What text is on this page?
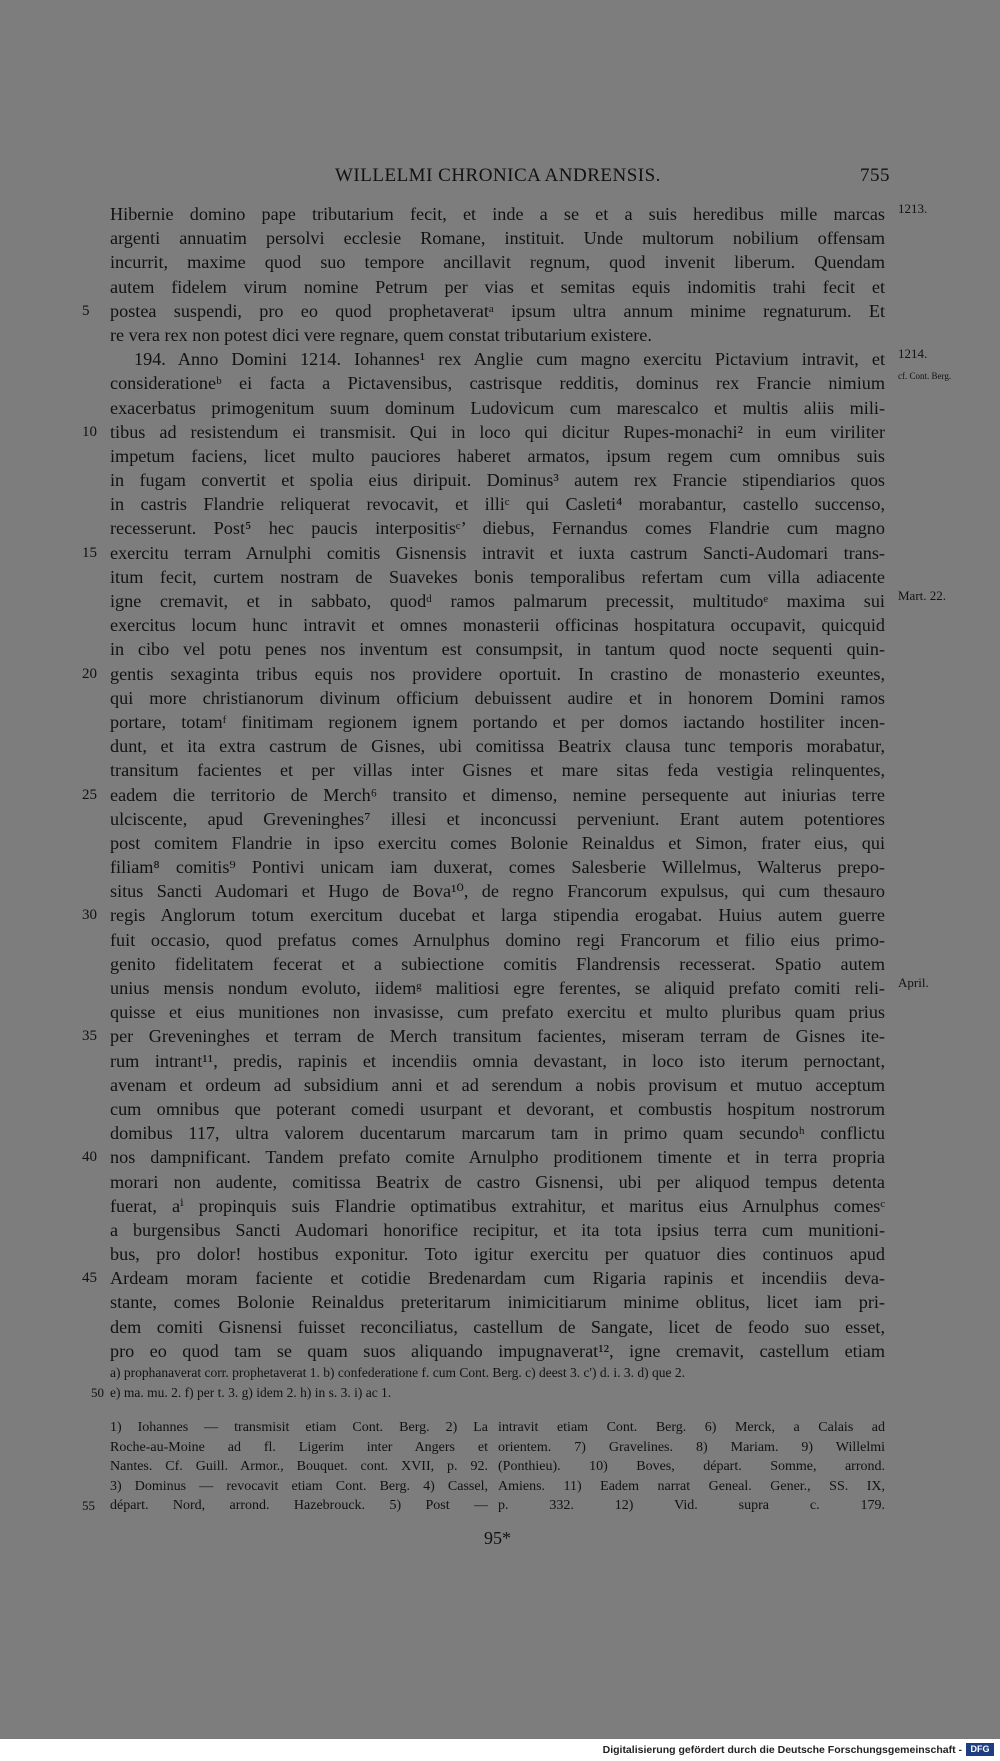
WILLELMI CHRONICA ANDRENSIS.	755
Hibernie domino pape tributarium fecit, et inde a se et a suis heredibus mille marcas 1213.
argenti annuatim persolvi ecclesie Romane, instituit. Unde multorum nobilium offensam
incurrit, maxime quod suo tempore ancillavit regnum, quod invenit liberum. Quendam
autem fidelem virum nomine Petrum per vias et semitas equis indomitis trahi fecit et
postea suspendi, pro eo quod prophetaveratᵃ ipsum ultra annum minime regnaturum. Et
5
re vera rex non potest dici vere regnare, quem constat tributarium existere.
194. Anno Domini 1214. Iohannes¹ rex Anglie cum magno exercitu Pictavium intravit, et 1214.
considerationeᵇ ei facta a Pictavensibus, castrisque redditis, dominus rex Francie nimium cf. Cont. Berg.
exacerbatus primogenitum suum dominum Ludovicum cum marescalco et multis aliis mili-
tibus ad resistendum ei transmisit. Qui in loco qui dicitur Rupes-monachi² in eum viriliter
10
impetum faciens, licet multo pauciores haberet armatos, ipsum regem cum omnibus suis
in fugam convertit et spolia eius diripuit. Dominus³ autem rex Francie stipendiarios quos
in castris Flandrie reliquerat revocavit, et illiᶜ qui Casleti⁴ morabantur, castello succenso,
recesserunt. Post⁵ hec paucis interpositisᶜ’ diebus, Fernandus comes Flandrie cum magno
exercitu terram Arnulphi comitis Gisnensis intravit et iuxta castrum Sancti-Audomari trans-
15
itum fecit, curtem nostram de Suavekes bonis temporalibus refertam cum villa adiacente
igne cremavit, et in sabbato, quodᵈ ramos palmarum precessit, multitudoᵉ maxima sui Mart. 22.
exercitus locum hunc intravit et omnes monasterii officinas hospitatura occupavit, quicquid
in cibo vel potu penes nos inventum est consumpsit, in tantum quod nocte sequenti quin-
gentis sexaginta tribus equis nos providere oportuit. In crastino de monasterio exeuntes,
20
qui more christianorum divinum officium debuissent audire et in honorem Domini ramos
portare, totamᶠ finitimam regionem ignem portando et per domos iactando hostiliter incen-
dunt, et ita extra castrum de Gisnes, ubi comitissa Beatrix clausa tunc temporis morabatur,
transitum facientes et per villas inter Gisnes et mare sitas feda vestigia relinquentes,
eadem die territorio de Merch⁶ transito et dimenso, nemine persequente aut iniurias terre
25
ulciscente, apud Greveninghes⁷ illesi et inconcussi perveniunt. Erant autem potentiores
post comitem Flandrie in ipso exercitu comes Bolonie Reinaldus et Simon, frater eius, qui
filiam⁸ comitis⁹ Pontivi unicam iam duxerat, comes Salesberie Willelmus, Walterus prepo-
situs Sancti Audomari et Hugo de Bova¹⁰, de regno Francorum expulsus, qui cum thesauro
regis Anglorum totum exercitum ducebat et larga stipendia erogabat. Huius autem guerre
30
fuit occasio, quod prefatus comes Arnulphus domino regi Francorum et filio eius primo-
genito fidelitatem fecerat et a subiectione comitis Flandrensis recesserat. Spatio autem
unius mensis nondum evoluto, iidemᵍ malitiosi egre ferentes, se aliquid prefato comiti reli- April.
quisse et eius munitiones non invasisse, cum prefato exercitu et multo pluribus quam prius
per Greveninghes et terram de Merch transitum facientes, miseram terram de Gisnes ite-
35
rum intrant¹¹, predis, rapinis et incendiis omnia devastant, in loco isto iterum pernoctant,
avenam et ordeum ad subsidium anni et ad serendum a nobis provisum et mutuo acceptum
cum omnibus que poterant comedi usurpant et devorant, et combustis hospitum nostrorum
domibus 117, ultra valorem ducentarum marcarum tam in primo quam secundoʰ conflictu
nos dampnificant. Tandem prefato comite Arnulpho proditionem timente et in terra propria
40
morari non audente, comitissa Beatrix de castro Gisnensi, ubi per aliquod tempus detenta
fuerat, aⁱ propinquis suis Flandrie optimatibus extrahitur, et maritus eius Arnulphus comesᶜ
a burgensibus Sancti Audomari honorifice recipitur, et ita tota ipsius terra cum munitioni-
bus, pro dolor! hostibus exponitur. Toto igitur exercitu per quatuor dies continuos apud
Ardeam moram faciente et cotidie Bredenardam cum Rigaria rapinis et incendiis deva-
45
stante, comes Bolonie Reinaldus preteritarum inimicitiarum minime oblitus, licet iam pri-
dem comiti Gisnensi fuisset reconciliatus, castellum de Sangate, licet de feodo suo esset,
pro eo quod tam se quam suos aliquando impugnaverat¹², igne cremavit, castellum etiam
a) prophanaverat corr. prophetaverat 1. b) confederatione f. cum Cont. Berg. c) deest 3. c') d. i. 3. d) que 2.
e) ma. mu. 2. f) per t. 3. g) idem 2. h) in s. 3. i) ac 1.
50
1) Iohannes — transmisit etiam Cont. Berg. 2) La
Roche-au-Moine ad fl. Ligerim inter Angers et
Nantes. Cf. Guill. Armor., Bouquet. cont. XVII, p. 92.
3) Dominus — revocavit etiam Cont. Berg. 4) Cassel,
départ. Nord, arrond. Hazebrouck. 5) Post —
55
intravit etiam Cont. Berg. 6) Merck, a Calais ad
orientem. 7) Gravelines. 8) Mariam. 9) Willelmi
(Ponthieu). 10) Boves, départ. Somme, arrond.
Amiens. 11) Eadem narrat Geneal. Gener., SS. IX,
p. 332. 12) Vid. supra c. 179.
95*
Digitalisierung gefördert durch die Deutsche Forschungsgemeinschaft - DFG
